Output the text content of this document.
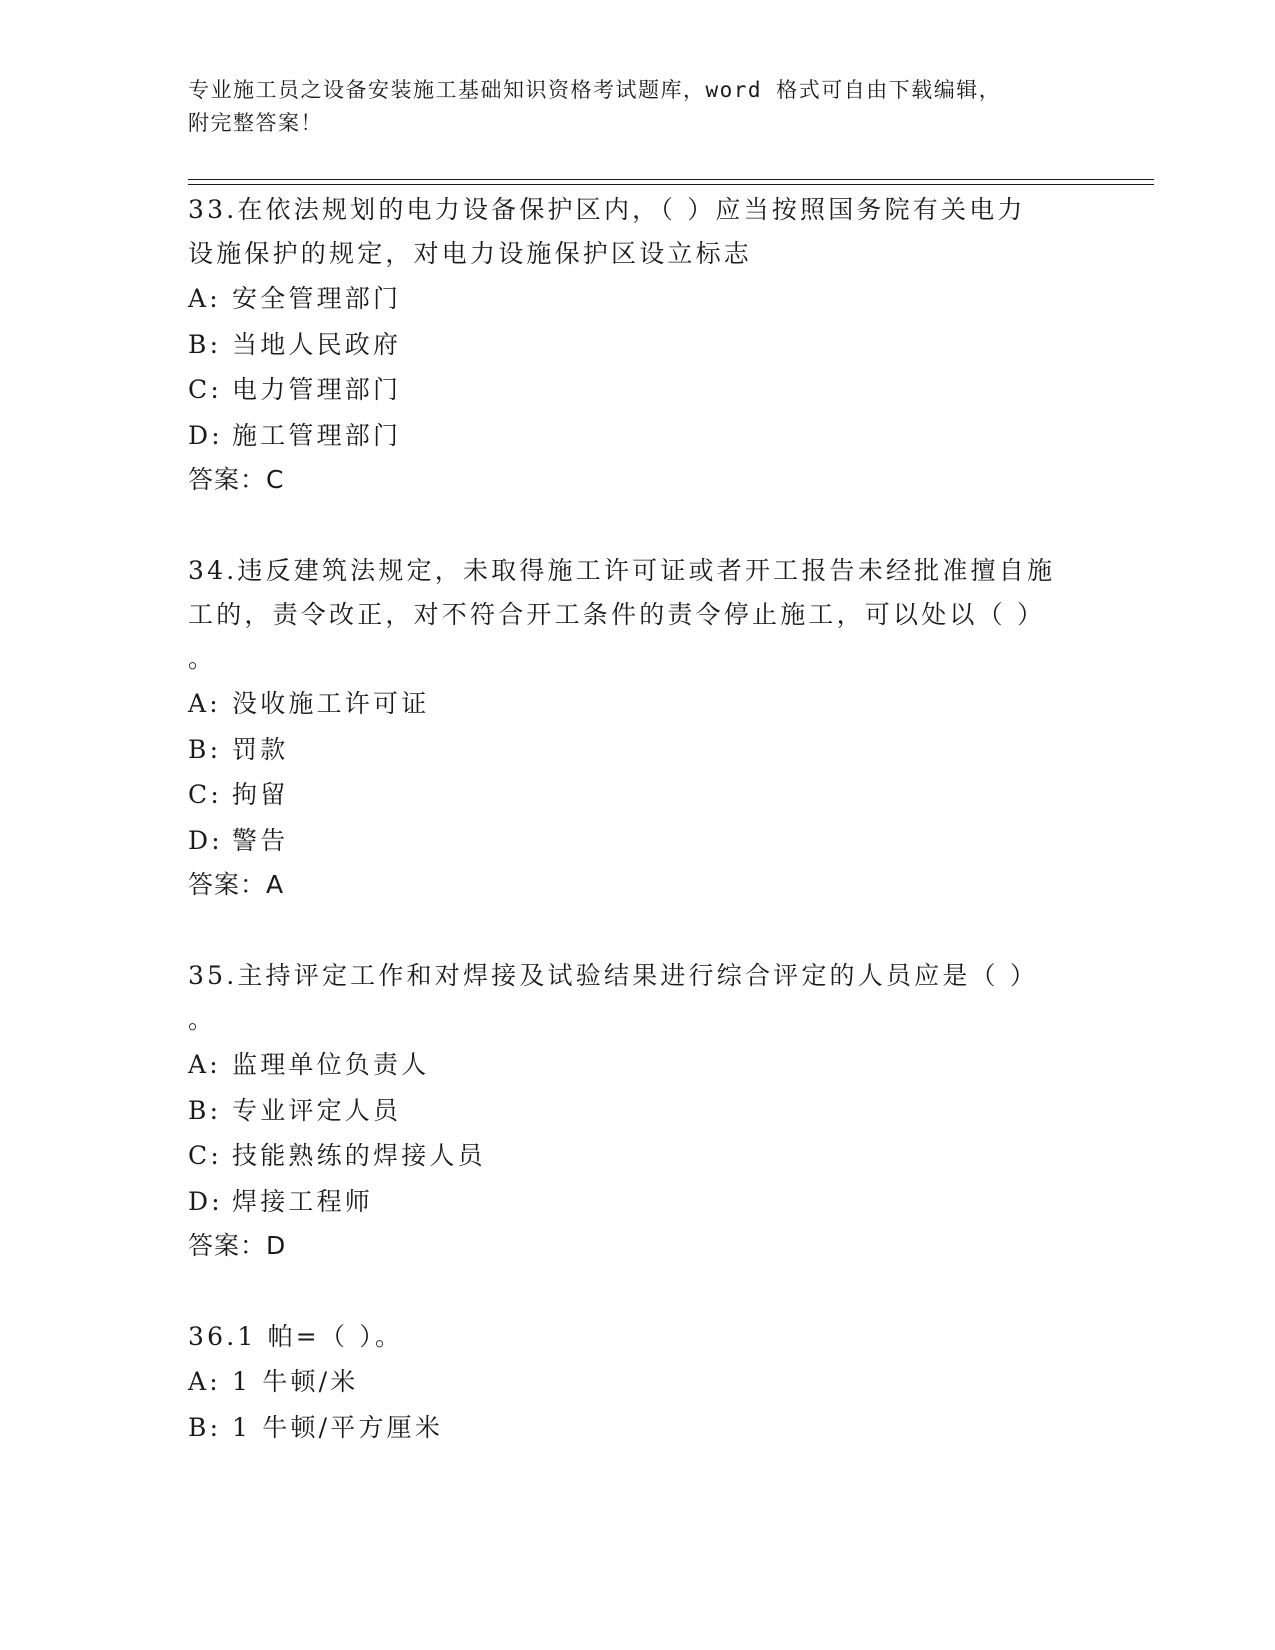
专业施工员之设备安装施工基础知识资格考试题库，word 格式可自由下载编辑，
附完整答案！
33.在依法规划的电力设备保护区内，（ ）应当按照国务院有关电力
设施保护的规定，对电力设施保护区设立标志
A: 安全管理部门
B: 当地人民政府
C: 电力管理部门
D: 施工管理部门
答案：C
34.违反建筑法规定，未取得施工许可证或者开工报告未经批准擅自施
工的，责令改正，对不符合开工条件的责令停止施工，可以处以（ ）
。
A: 没收施工许可证
B: 罚款
C: 拘留
D: 警告
答案：A
35.主持评定工作和对焊接及试验结果进行综合评定的人员应是（ ）
。
A: 监理单位负责人
B: 专业评定人员
C: 技能熟练的焊接人员
D: 焊接工程师
答案：D
36.1 帕=（ ）。
A: 1 牛顿/米
B: 1 牛顿/平方厘米
